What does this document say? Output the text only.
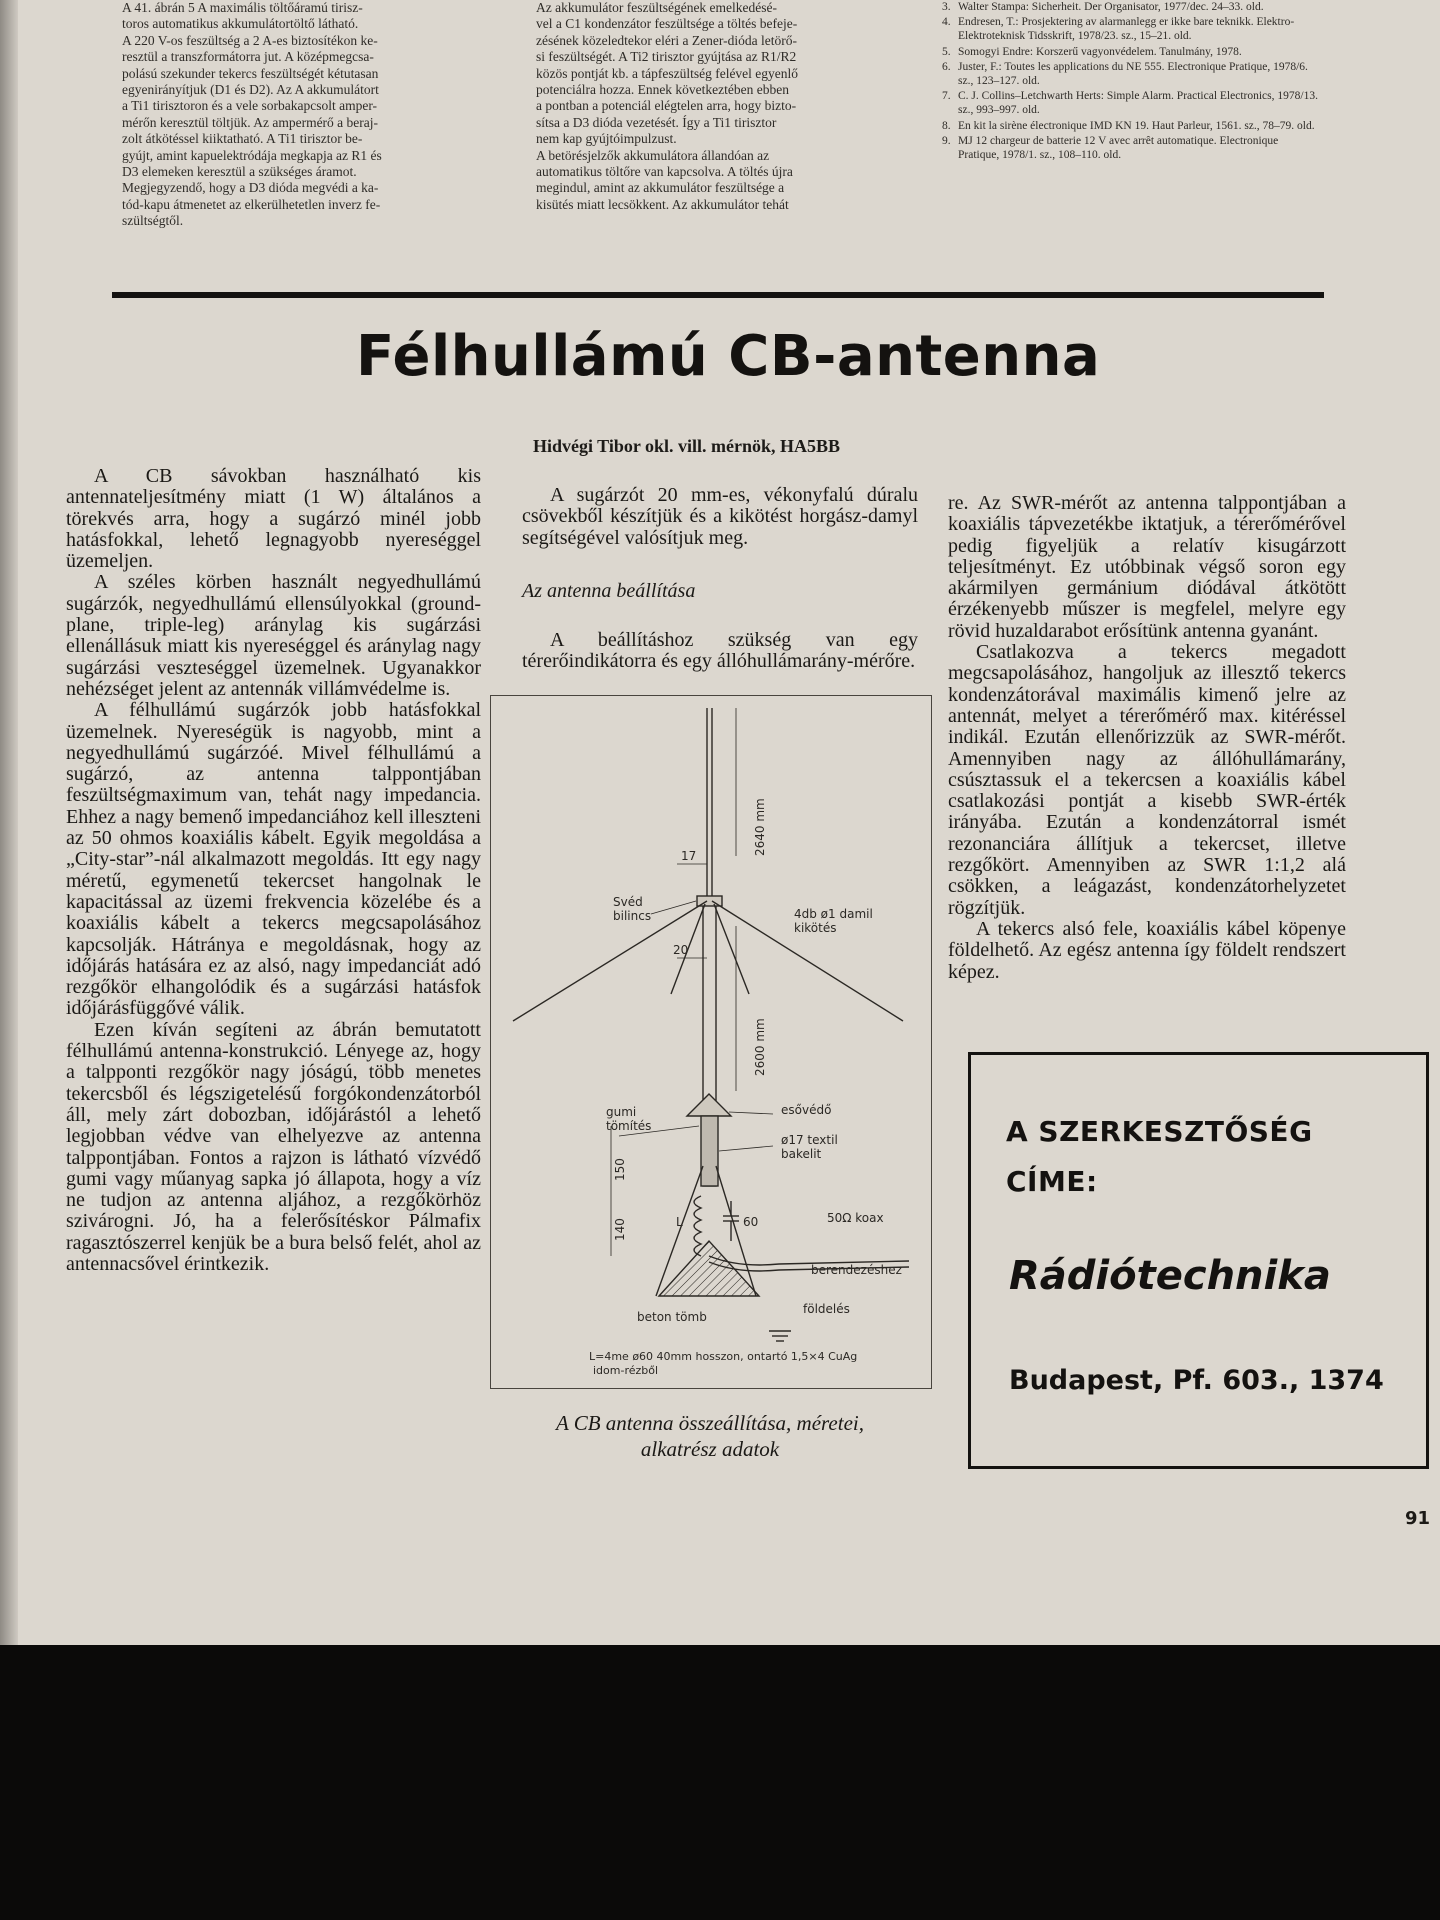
A 41. ábrán 5 A maximális töltőáramú tirisz-

toros automatikus akkumulátortöltő látható.

A 220 V-os feszültség a 2 A-es biztosítékon ke-

resztül a transzformátorra jut. A középmegcsa-

polású szekunder tekercs feszültségét kétutasan

egyenirányítjuk (D1 és D2). Az A akkumulátort

a Ti1 tirisztoron és a vele sorbakapcsolt amper-

mérőn keresztül töltjük. Az ampermérő a beraj-

zolt átkötéssel kiiktatható. A Ti1 tirisztor be-

gyújt, amint kapuelektródája megkapja az R1 és

D3 elemeken keresztül a szükséges áramot.

Megjegyzendő, hogy a D3 dióda megvédi a ka-

tód-kapu átmenetet az elkerülhetetlen inverz fe-

szültségtől.

Az akkumulátor feszültségének emelkedésé-

vel a C1 kondenzátor feszültsége a töltés befeje-

zésének közeledtekor eléri a Zener-dióda letörő-

si feszültségét. A Ti2 tirisztor gyújtása az R1/R2

közös pontját kb. a tápfeszültség felével egyenlő

potenciálra hozza. Ennek következtében ebben

a pontban a potenciál elégtelen arra, hogy bizto-

sítsa a D3 dióda vezetését. Így a Ti1 tirisztor

nem kap gyújtóimpulzust.

A betörésjelzők akkumulátora állandóan az

automatikus töltőre van kapcsolva. A töltés újra

megindul, amint az akkumulátor feszültsége a

kisütés miatt lecsökkent. Az akkumulátor tehát

3. Walter Stampa: Sicherheit. Der Organisator, 1977/dec. 24–33. old.
4. Endresen, T.: Prosjektering av alarmanlegg er ikke bare teknikk. Elektro-Elektroteknisk Tidsskrift, 1978/23. sz., 15–21. old.
5. Somogyi Endre: Korszerű vagyonvédelem. Tanulmány, 1978.
6. Juster, F.: Toutes les applications du NE 555. Electronique Pratique, 1978/6. sz., 123–127. old.
7. C. J. Collins–Letchwarth Herts: Simple Alarm. Practical Electronics, 1978/13. sz., 993–997. old.
8. En kit la sirène électronique IMD KN 19. Haut Parleur, 1561. sz., 78–79. old.
9. MJ 12 chargeur de batterie 12 V avec arrêt automatique. Electronique Pratique, 1978/1. sz., 108–110. old.
Félhullámú CB-antenna
Hidvégi Tibor okl. vill. mérnök, HA5BB

A CB sávokban használható kis antennateljesítmény miatt (1 W) általános a törekvés arra, hogy a sugárzó minél jobb hatásfokkal, lehető legnagyobb nyereséggel üzemeljen.

A széles körben használt negyedhullámú sugárzók, negyedhullámú ellensúlyokkal (ground-plane, triple-leg) aránylag kis sugárzási ellenállásuk miatt kis nyereséggel és aránylag nagy sugárzási veszteséggel üzemelnek. Ugyanakkor nehézséget jelent az antennák villámvédelme is.

A félhullámú sugárzók jobb hatásfokkal üzemelnek. Nyereségük is nagyobb, mint a negyedhullámú sugárzóé. Mivel félhullámú a sugárzó, az antenna talppontjában feszültségmaximum van, tehát nagy impedancia. Ehhez a nagy bemenő impedanciához kell illeszteni az 50 ohmos koaxiális kábelt. Egyik megoldása a „City-star”-nál alkalmazott megoldás. Itt egy nagy méretű, egymenetű tekercset hangolnak le kapacitással az üzemi frekvencia közelébe és a koaxiális kábelt a tekercs megcsapolásához kapcsolják. Hátránya e megoldásnak, hogy az időjárás hatására ez az alsó, nagy impedanciát adó rezgőkör elhangolódik és a sugárzási hatásfok időjárásfüggővé válik.

Ezen kíván segíteni az ábrán bemutatott félhullámú antenna-konstrukció. Lényege az, hogy a talpponti rezgőkör nagy jóságú, több menetes tekercsből és légszigetelésű forgókondenzátorból áll, mely zárt dobozban, időjárástól a lehető legjobban védve van elhelyezve az antenna talppontjában. Fontos a rajzon is látható vízvédő gumi vagy műanyag sapka jó állapota, hogy a víz ne tudjon az antenna aljához, a rezgőkörhöz szivárogni. Jó, ha a felerősítéskor Pálmafix ragasztószerrel kenjük be a bura belső felét, ahol az antennacsővel érintkezik.

A sugárzót 20 mm-es, vékonyfalú dúralu csövekből készítjük és a kikötést horgász-damyl segítségével valósítjuk meg.

Az antenna beállítása

A beállításhoz szükség van egy térerőindikátorra és egy állóhullámarány-mérőre.

2640 mm
2600 mm
17
20
150
140
Svéd
bilincs	4db ø1 damil
kikötés
gumi
tömítés
esővédő
ø17 textil
bakelit
L	60	50Ω koax
berendezéshez
beton tömb
földelés
L=4me ø60 40mm hosszon, ontartó 1,5×4 CuAg
idom-rézből
A CB antenna összeállítása, méretei,
alkatrész adatok

re. Az SWR-mérőt az antenna talppontjában a koaxiális tápvezetékbe iktatjuk, a térerőmérővel pedig figyeljük a relatív kisugárzott teljesítményt. Ez utóbbinak végső soron egy akármilyen germánium diódával átkötött érzékenyebb műszer is megfelel, melyre egy rövid huzaldarabot erősítünk antenna gyanánt.

Csatlakozva a tekercs megadott megcsapolásához, hangoljuk az illesztő tekercs kondenzátorával maximális kimenő jelre az antennát, melyet a térerőmérő max. kitéréssel indikál. Ezután ellenőrizzük az SWR-mérőt. Amennyiben nagy az állóhullámarány, csúsztassuk el a tekercsen a koaxiális kábel csatlakozási pontját a kisebb SWR-érték irányába. Ezután a kondenzátorral ismét rezonanciára állítjuk a tekercset, illetve rezgőkört. Amennyiben az SWR 1:1,2 alá csökken, a leágazást, kondenzátorhelyzetet rögzítjük.

A tekercs alsó fele, koaxiális kábel köpenye földelhető. Az egész antenna így földelt rendszert képez.

A SZERKESZTŐSÉG
CÍME:
Rádiótechnika
Budapest, Pf. 603., 1374
91
